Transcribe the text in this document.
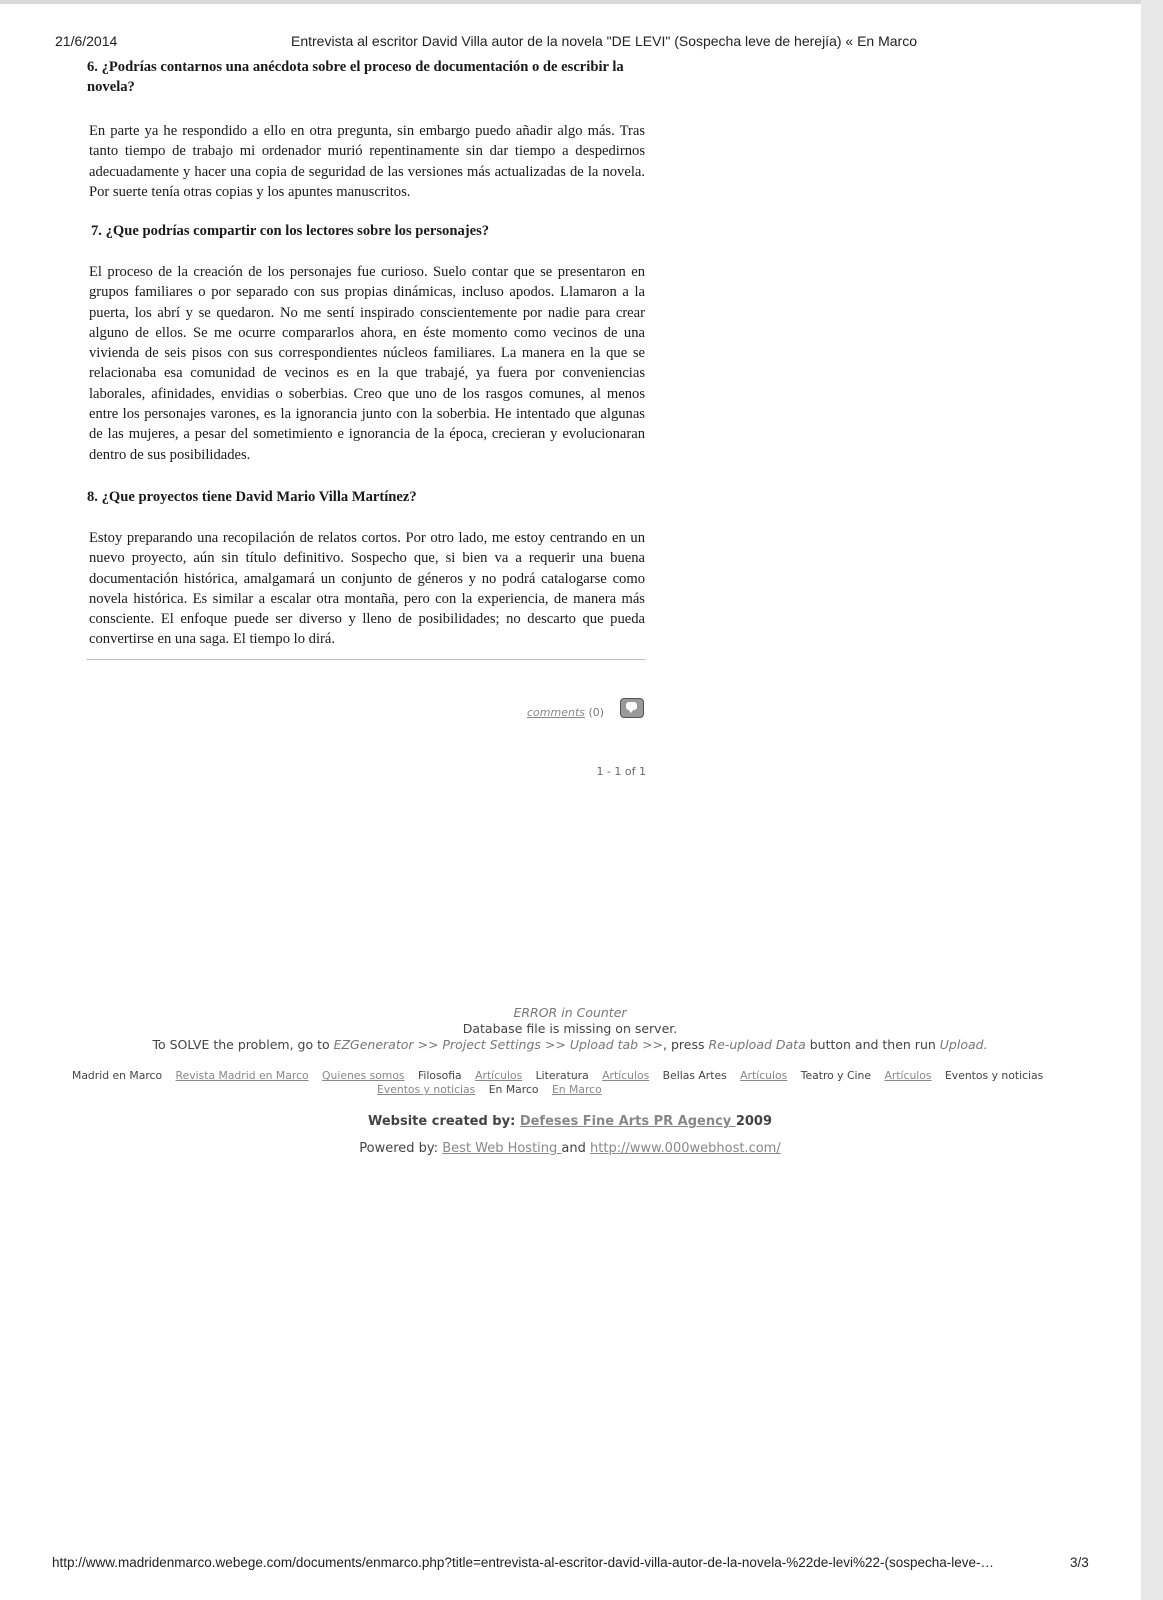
21/6/2014	Entrevista al escritor David Villa autor de la novela "DE LEVI" (Sospecha leve de herejía) « En Marco

6. ¿Podrías contarnos una anécdota sobre el proceso de documentación o de escribir la novela?

En parte ya he respondido a ello en otra pregunta, sin embargo puedo añadir algo más. Tras tanto tiempo de trabajo mi ordenador murió repentinamente sin dar tiempo a despedirnos adecuadamente y hacer una copia de seguridad de las versiones más actualizadas de la novela. Por suerte tenía otras copias y los apuntes manuscritos.

7. ¿Que podrías compartir con los lectores sobre los personajes?

El proceso de la creación de los personajes fue curioso. Suelo contar que se presentaron en grupos familiares o por separado con sus propias dinámicas, incluso apodos. Llamaron a la puerta, los abrí y se quedaron. No me sentí inspirado conscientemente por nadie para crear alguno de ellos. Se me ocurre compararlos ahora, en éste momento como vecinos de una vivienda de seis pisos con sus correspondientes núcleos familiares. La manera en la que se relacionaba esa comunidad de vecinos es en la que trabajé, ya fuera por conveniencias laborales, afinidades, envidias o soberbias. Creo que uno de los rasgos comunes, al menos entre los personajes varones, es la ignorancia junto con la soberbia. He intentado que algunas de las mujeres, a pesar del sometimiento e ignorancia de la época, crecieran y evolucionaran dentro de sus posibilidades.

8. ¿Que proyectos tiene David Mario Villa Martínez?

Estoy preparando una recopilación de relatos cortos. Por otro lado, me estoy centrando en un nuevo proyecto, aún sin título definitivo. Sospecho que, si bien va a requerir una buena documentación histórica, amalgamará un conjunto de géneros y no podrá catalogarse como novela histórica. Es similar a escalar otra montaña, pero con la experiencia, de manera más consciente. El enfoque puede ser diverso y lleno de posibilidades; no descarto que pueda convertirse en una saga. El tiempo lo dirá.

comments (0)
1 - 1 of 1
ERROR in Counter
Database file is missing on server.
To SOLVE the problem, go to EZGenerator >> Project Settings >> Upload tab >>, press Re-upload Data button and then run Upload.
Madrid en Marco Revista Madrid en Marco Quienes somos Filosofia Artículos Literatura Artículos Bellas Artes Artículos Teatro y Cine Artículos Eventos y noticias
Eventos y noticias En Marco En Marco
Website created by: Defeses Fine Arts PR Agency 2009
Powered by: Best Web Hosting and http://www.000webhost.com/
http://www.madridenmarco.webege.com/documents/enmarco.php?title=entrevista-al-escritor-david-villa-autor-de-la-novela-%22de-levi%22-(sospecha-leve-…	3/3
